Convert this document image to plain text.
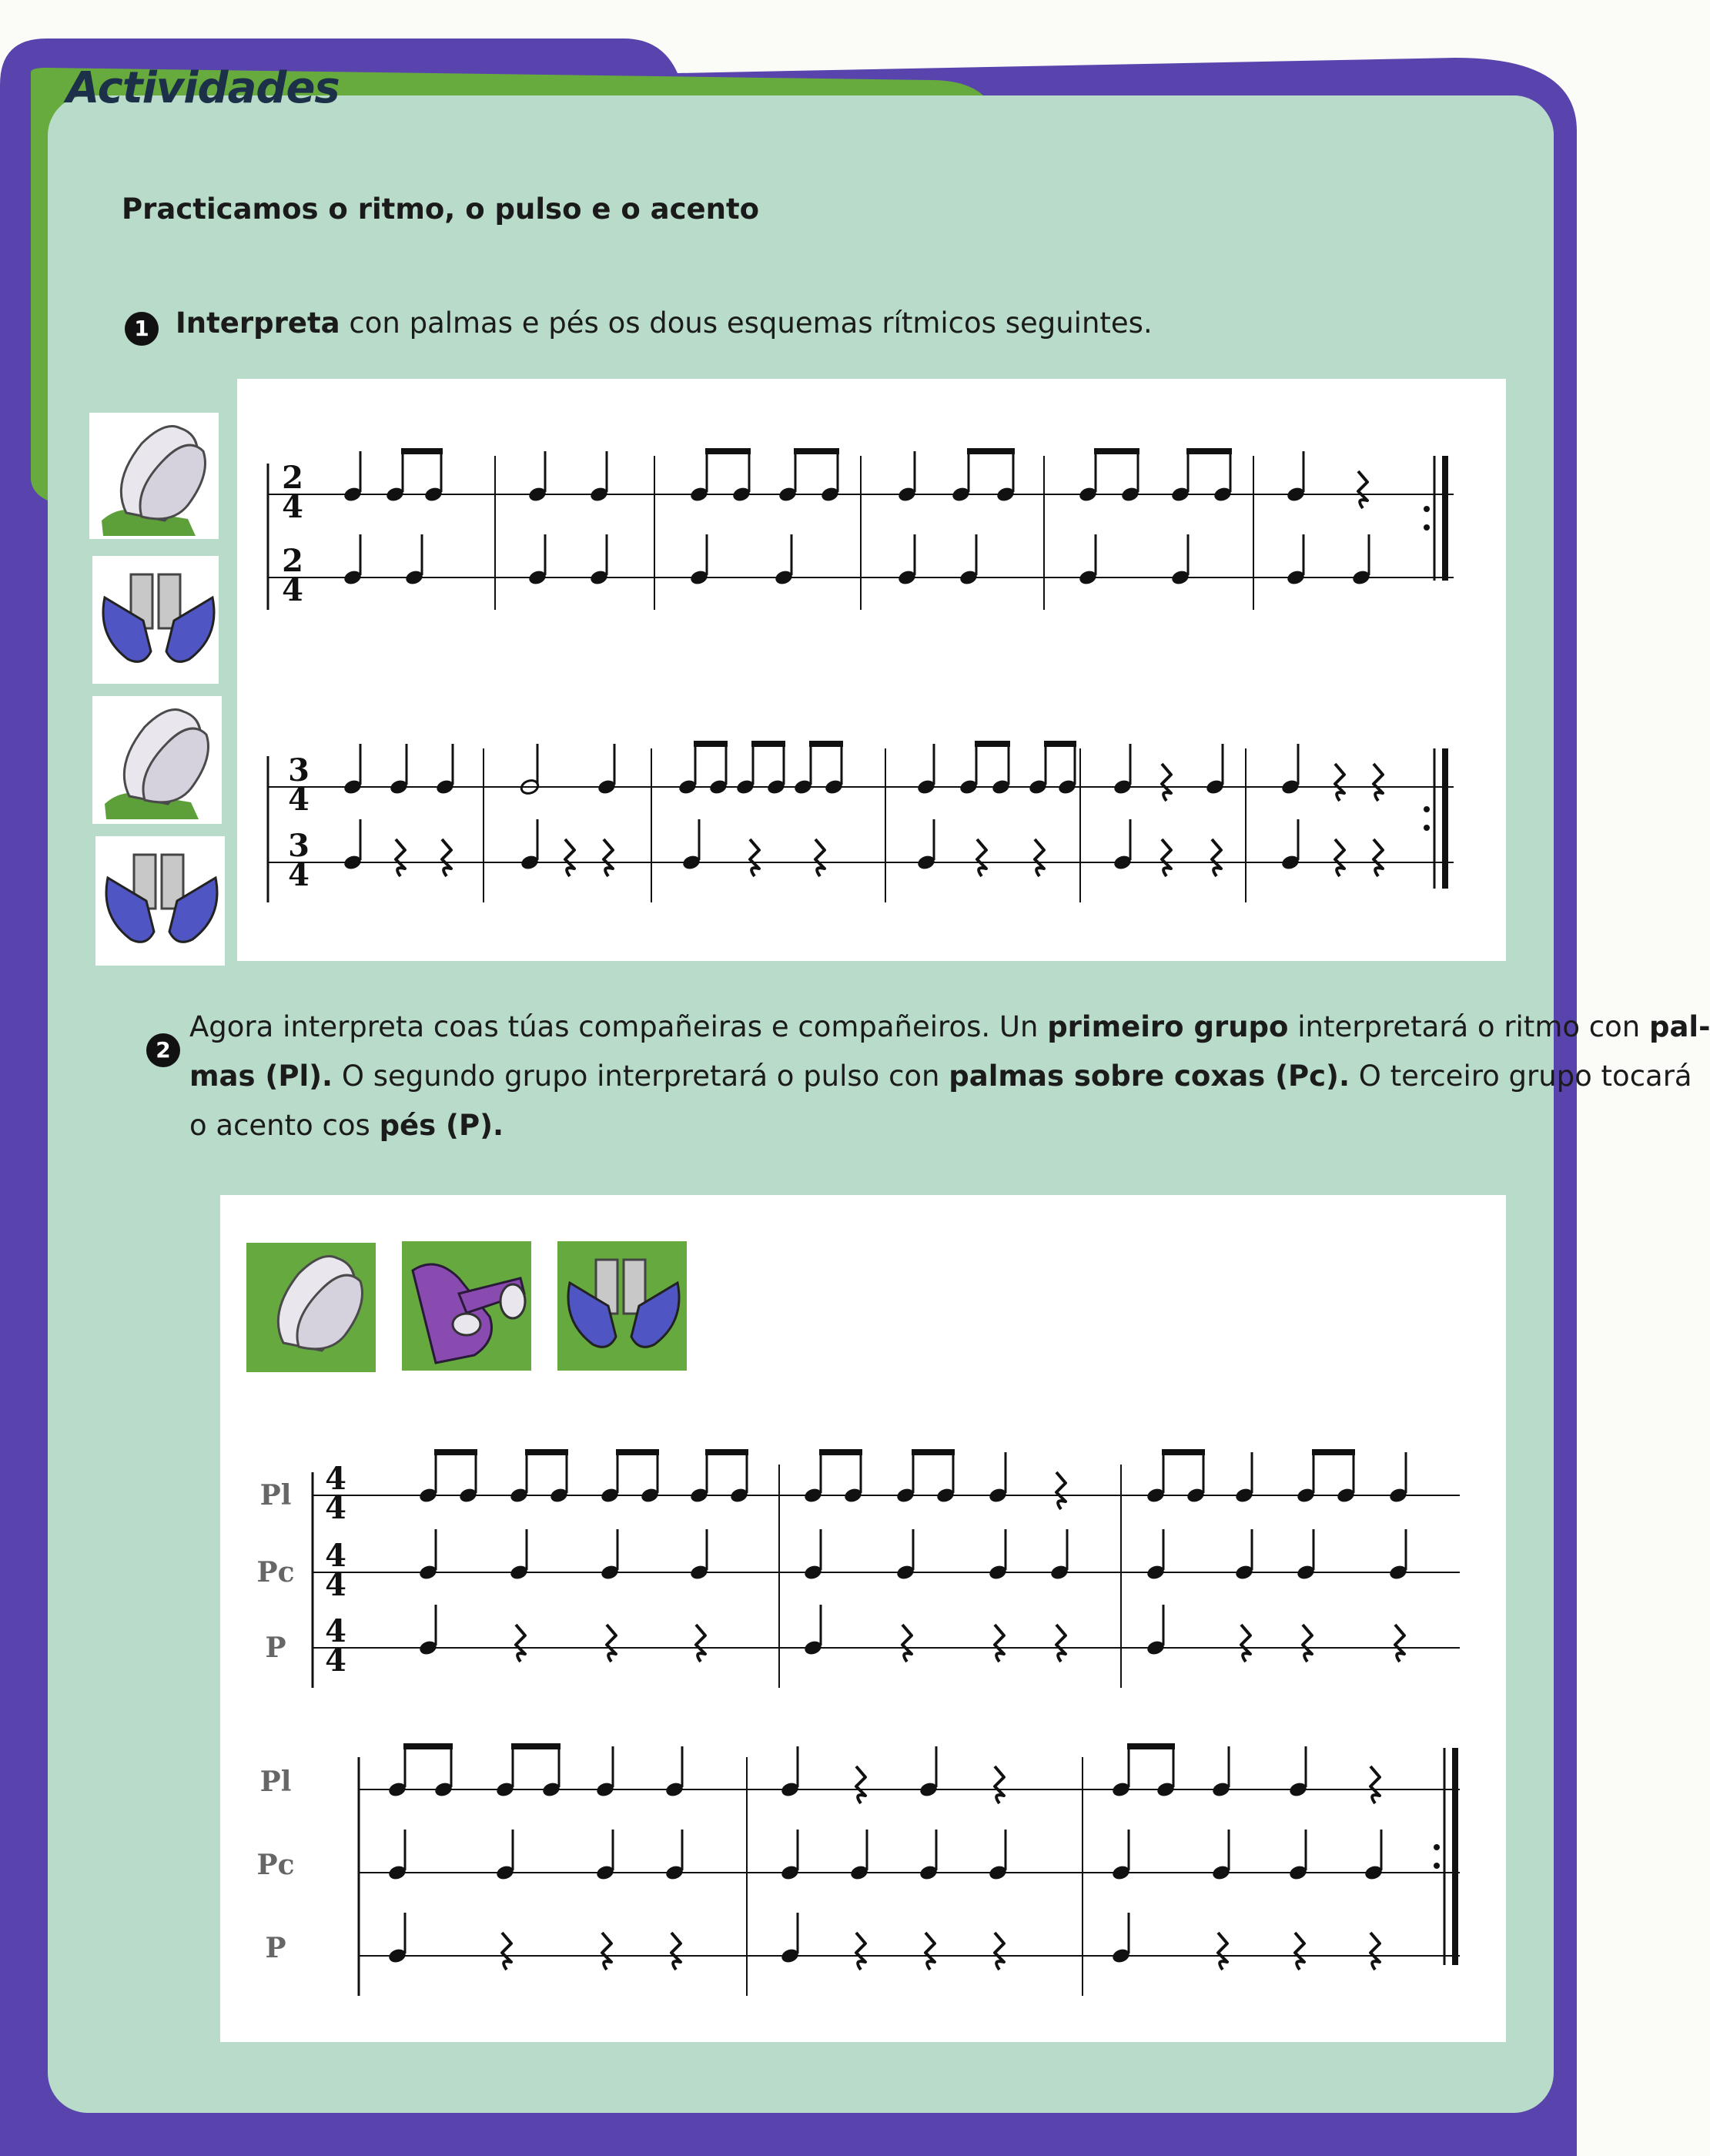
Actividades
Practicamos o ritmo, o pulso e o acento
1 Interpreta con palmas e pés os dous esquemas rítmicos seguintes.
2
4
2
4
3
4
3
4
2
Agora interpreta coas túas compañeiras e compañeiros. Un primeiro grupo interpretará o ritmo con pal-
mas (Pl). O segundo grupo interpretará o pulso con palmas sobre coxas (Pc). O terceiro grupo tocará
o acento cos pés (P).
Pl
Pc
P
4
4
4
4
4
4
Pl
Pc
P
